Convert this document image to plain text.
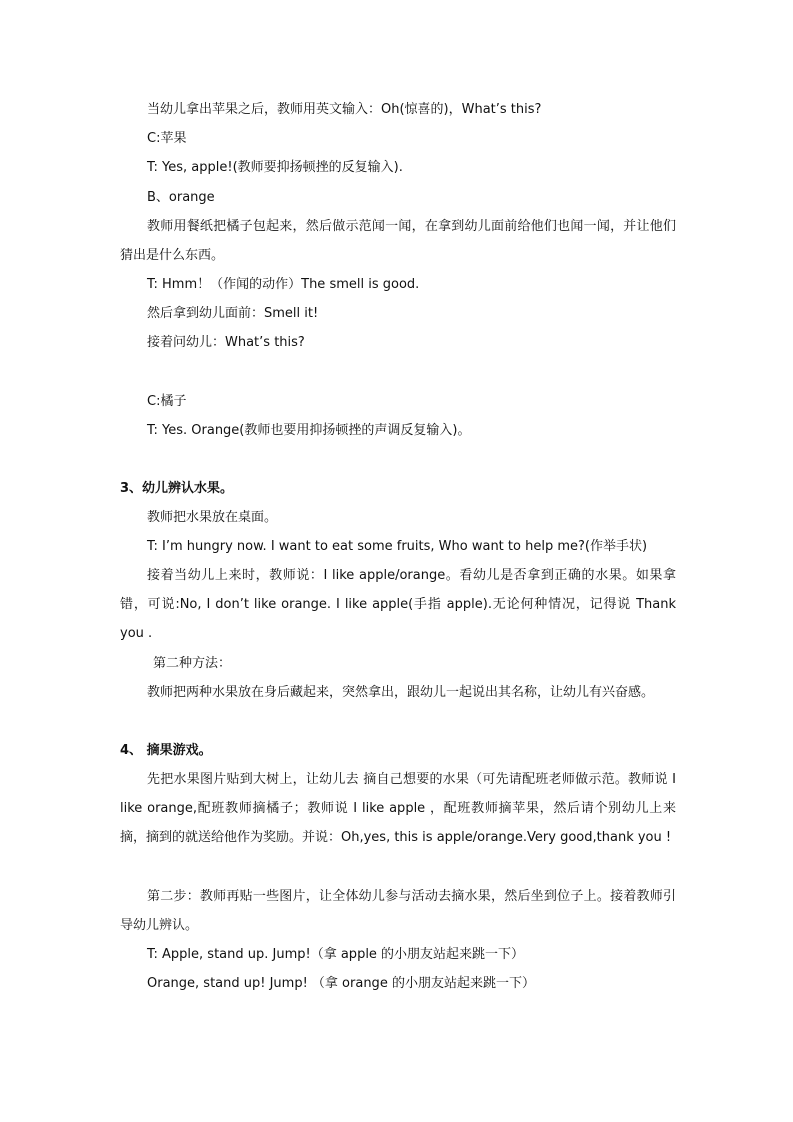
当幼儿拿出苹果之后，教师用英文输入：Oh(惊喜的)，What’s this?

C:苹果

T: Yes, apple!(教师要抑扬顿挫的反复输入).

B、orange

教师用餐纸把橘子包起来，然后做示范闻一闻，在拿到幼儿面前给他们也闻一闻，并让他们猜出是什么东西。

T: Hmm！（作闻的动作）The smell is good.

然后拿到幼儿面前：Smell it!

接着问幼儿：What’s this?

C:橘子

T: Yes. Orange(教师也要用抑扬顿挫的声调反复输入)。

3、幼儿辨认水果。

教师把水果放在桌面。

T: I’m hungry now. I want to eat some fruits, Who want to help me?(作举手状)

接着当幼儿上来时，教师说：I like apple/orange。看幼儿是否拿到正确的水果。如果拿错，可说:No, I don’t like orange. I like apple(手指 apple).无论何种情况，记得说 Thank you .

第二种方法：

教师把两种水果放在身后藏起来，突然拿出，跟幼儿一起说出其名称，让幼儿有兴奋感。

4、 摘果游戏。

先把水果图片贴到大树上，让幼儿去 摘自己想要的水果（可先请配班老师做示范。教师说 I like orange,配班教师摘橘子；教师说 I like apple ，配班教师摘苹果，然后请个别幼儿上来摘，摘到的就送给他作为奖励。并说：Oh,yes, this is apple/orange.Very good,thank you !

第二步：教师再贴一些图片，让全体幼儿参与活动去摘水果，然后坐到位子上。接着教师引导幼儿辨认。

T: Apple, stand up. Jump!（拿 apple 的小朋友站起来跳一下）

Orange, stand up! Jump! （拿 orange 的小朋友站起来跳一下）
